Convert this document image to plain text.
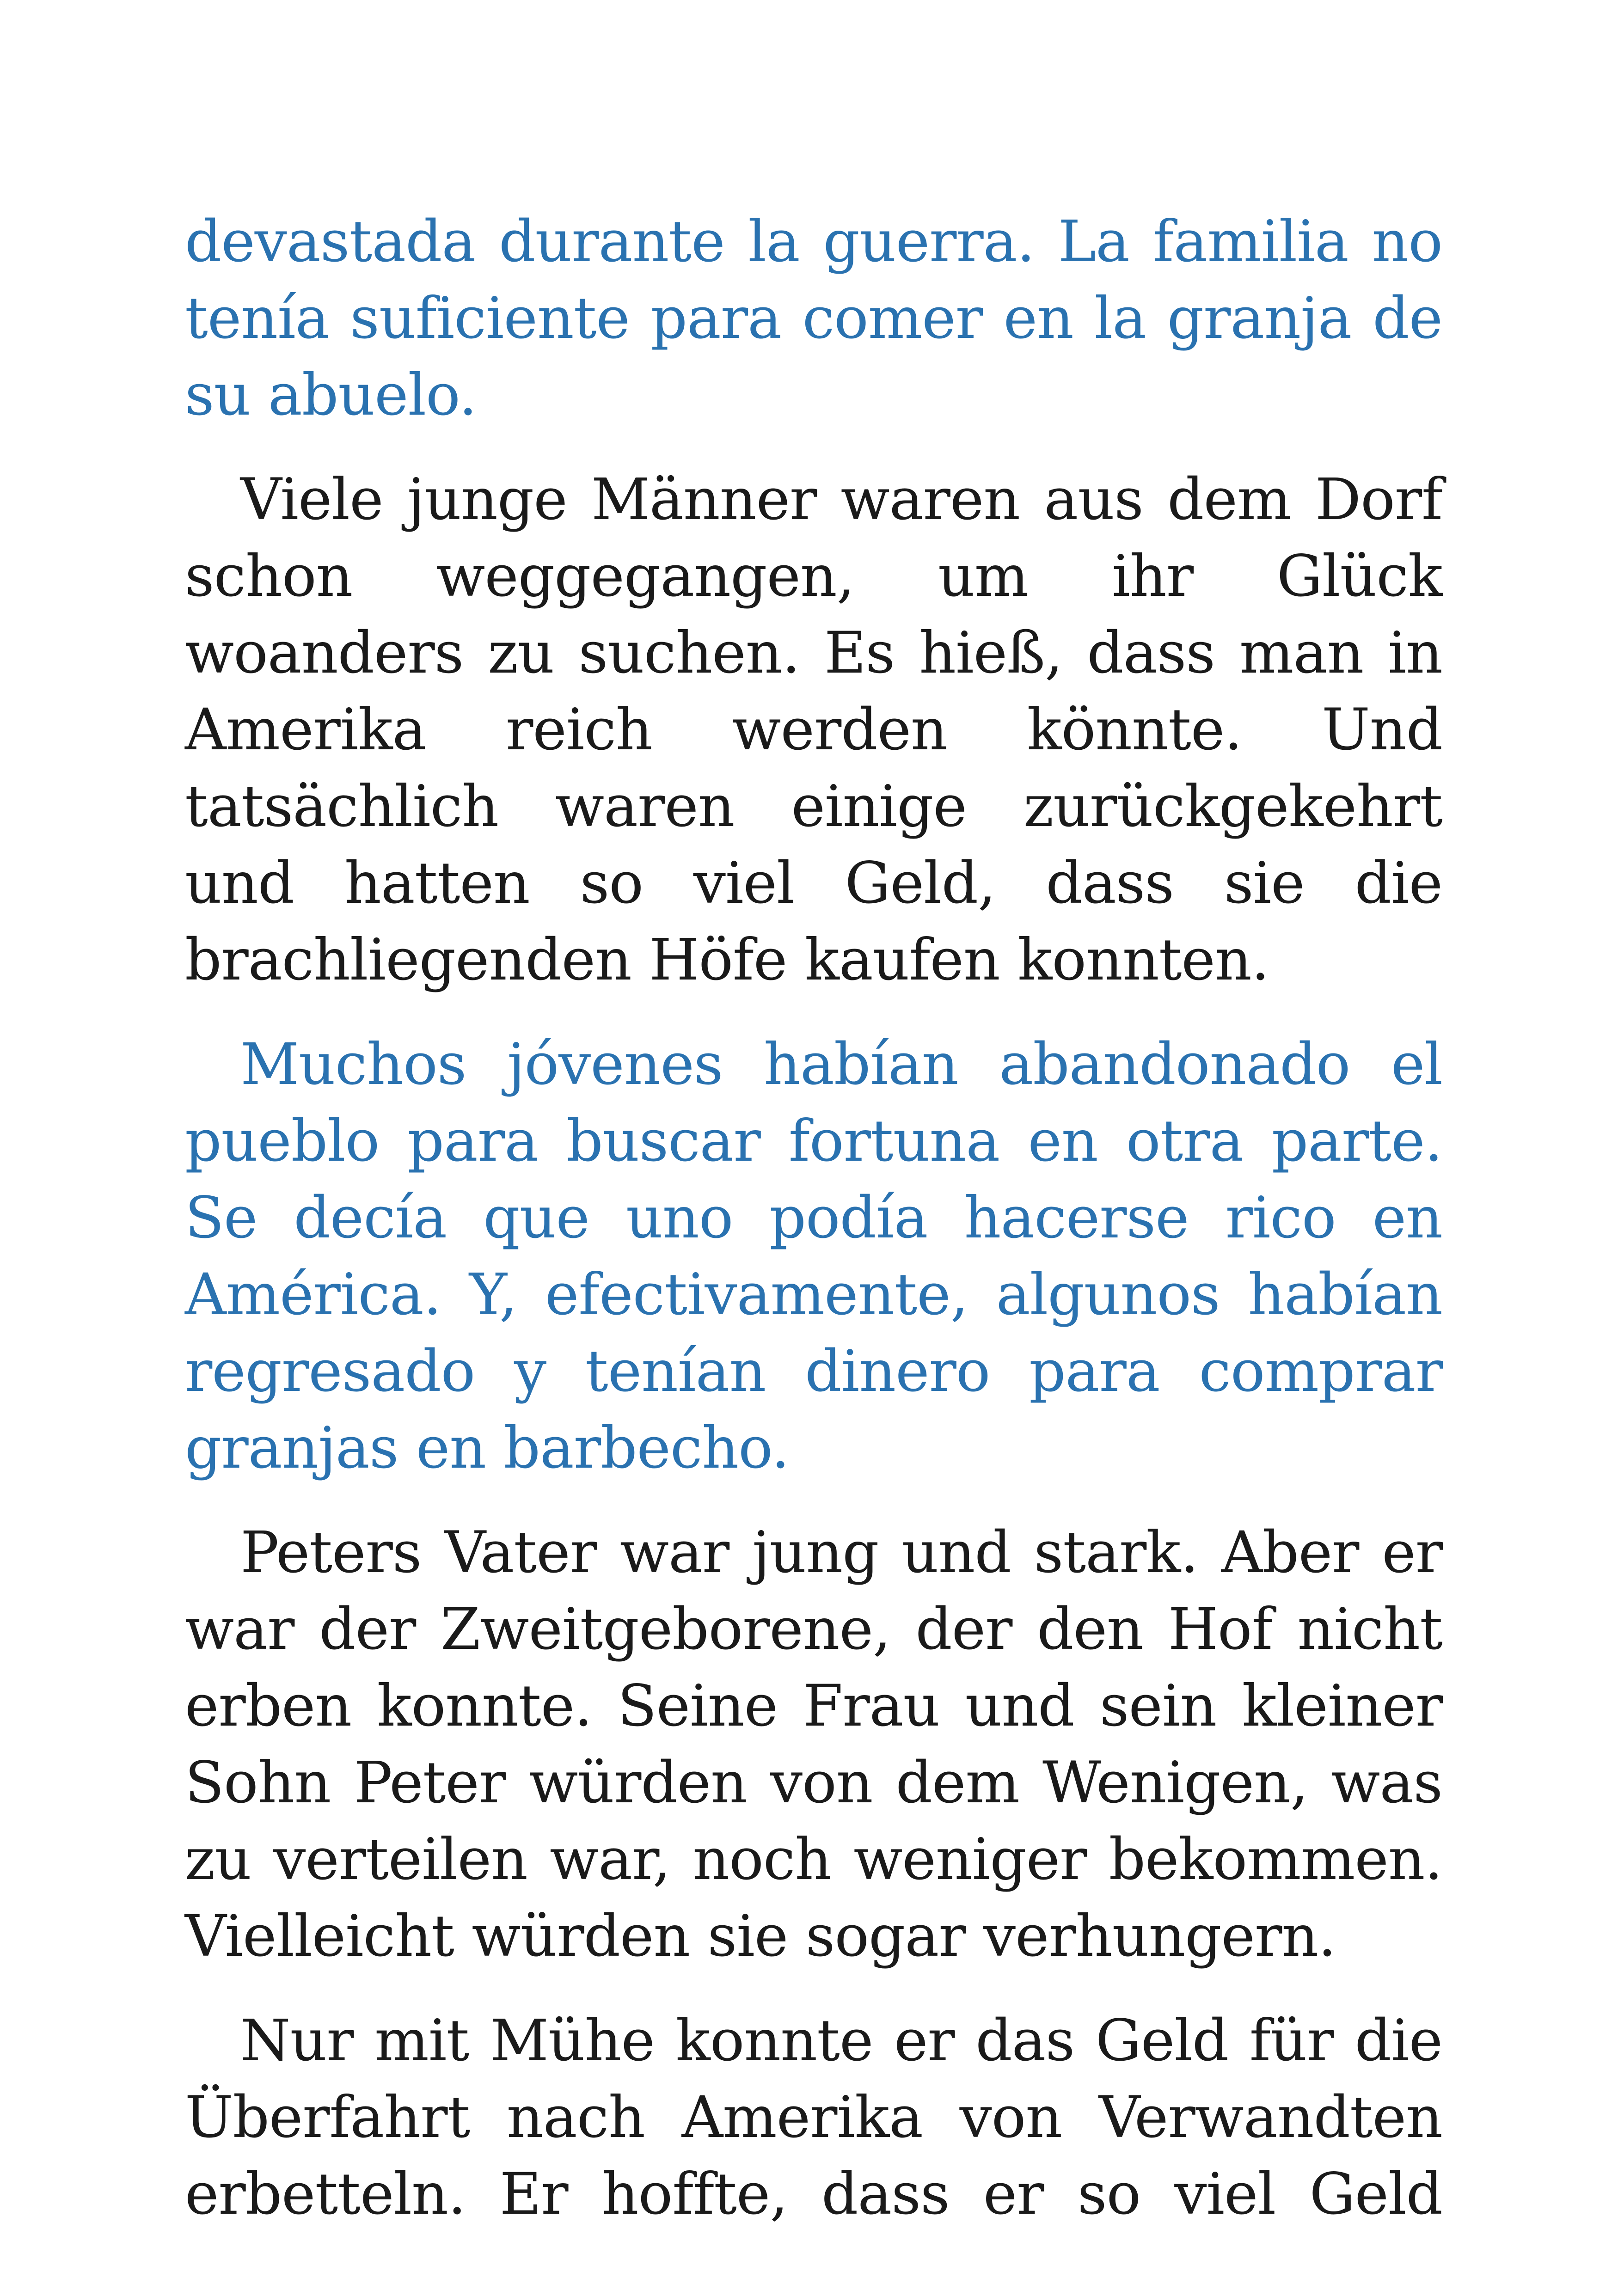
devastada durante la guerra. La familia no tenía suficiente para comer en la granja de su abuelo.

Viele junge Männer waren aus dem Dorf schon weggegangen, um ihr Glück woanders zu suchen. Es hieß, dass man in Amerika reich werden könnte. Und tatsächlich waren einige zurückgekehrt und hatten so viel Geld, dass sie die brachliegenden Höfe kaufen konnten.

Muchos jóvenes habían abandonado el pueblo para buscar fortuna en otra parte. Se decía que uno podía hacerse rico en América. Y, efectivamente, algunos habían regresado y tenían dinero para comprar granjas en barbecho.

Peters Vater war jung und stark. Aber er war der Zweitgeborene, der den Hof nicht erben konnte. Seine Frau und sein kleiner Sohn Peter würden von dem Wenigen, was zu verteilen war, noch weniger bekommen. Vielleicht würden sie sogar verhungern.

Nur mit Mühe konnte er das Geld für die Überfahrt nach Amerika von Verwandten erbetteln. Er hoffte, dass er so viel Geld
